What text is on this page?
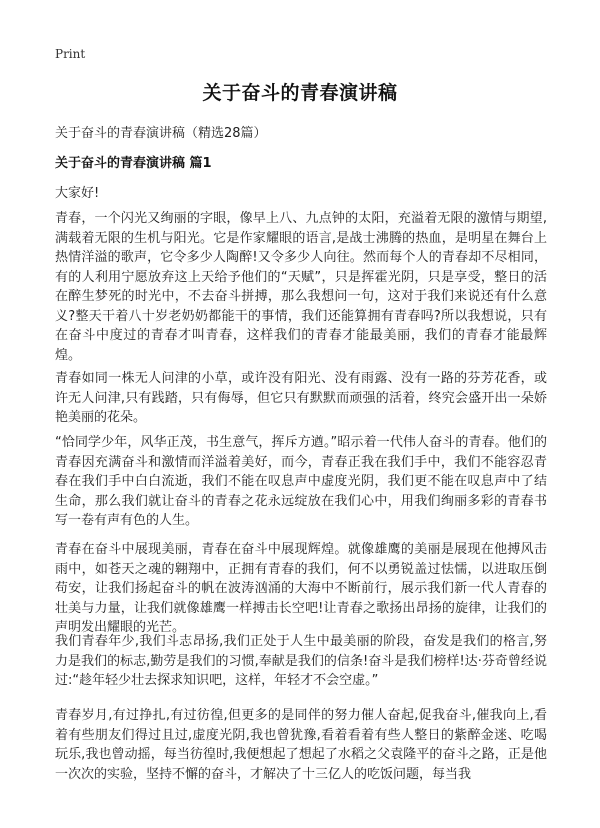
Print
关于奋斗的青春演讲稿
关于奋斗的青春演讲稿（精选28篇）
关于奋斗的青春演讲稿 篇1
大家好!

青春，一个闪光又绚丽的字眼，像早上八、九点钟的太阳，充溢着无限的激情与期望,满载着无限的生机与阳光。它是作家耀眼的语言,是战士沸腾的热血，是明星在舞台上热情洋溢的歌声，它令多少人陶醉!又令多少人向往。然而每个人的青春却不尽相同，有的人利用宁愿放弃这上天给予他们的“天赋”，只是挥霍光阴，只是享受，整日的活在醉生梦死的时光中，不去奋斗拼搏，那么我想问一句，这对于我们来说还有什么意义?整天干着八十岁老奶奶都能干的事情，我们还能算拥有青春吗?所以我想说，只有在奋斗中度过的青春才叫青春，这样我们的青春才能最美丽，我们的青春才能最辉煌。

青春如同一株无人问津的小草，或许没有阳光、没有雨露、没有一路的芬芳花香，或许无人问津,只有践踏，只有侮辱，但它只有默默而顽强的活着，终究会盛开出一朵娇艳美丽的花朵。

“恰同学少年，风华正茂，书生意气，挥斥方遒。”昭示着一代伟人奋斗的青春。他们的青春因充满奋斗和激情而洋溢着美好，而今，青春正我在我们手中，我们不能容忍青春在我们手中白白流逝，我们不能在叹息声中虚度光阴，我们更不能在叹息声中了结生命，那么我们就让奋斗的青春之花永远绽放在我们心中，用我们绚丽多彩的青春书写一卷有声有色的人生。

青春在奋斗中展现美丽，青春在奋斗中展现辉煌。就像雄鹰的美丽是展现在他搏风击雨中，如苍天之魂的翱翔中，正拥有青春的我们，何不以勇锐盖过怯懦，以进取压倒苟安，让我们扬起奋斗的帆在波涛汹涌的大海中不断前行，展示我们新一代人青春的壮美与力量，让我们就像雄鹰一样搏击长空吧!让青春之歌扬出昂扬的旋律，让我们的声明发出耀眼的光芒。

我们青春年少,我们斗志昂扬,我们正处于人生中最美丽的阶段，奋发是我们的格言,努力是我们的标志,勤劳是我们的习惯,奉献是我们的信条!奋斗是我们榜样!达·芬奇曾经说过:“趁年轻少壮去探求知识吧，这样，年轻才不会空虚。”

青春岁月,有过挣扎,有过彷徨,但更多的是同伴的努力催人奋起,促我奋斗,催我向上,看着有些朋友们得过且过,虚度光阴,我也曾犹豫,看着看着有些人整日的紫醉金迷、吃喝玩乐,我也曾动摇，每当彷徨时,我便想起了想起了水稻之父袁隆平的奋斗之路，正是他一次次的实验，坚持不懈的奋斗，才解决了十三亿人的吃饭问题，每当我
